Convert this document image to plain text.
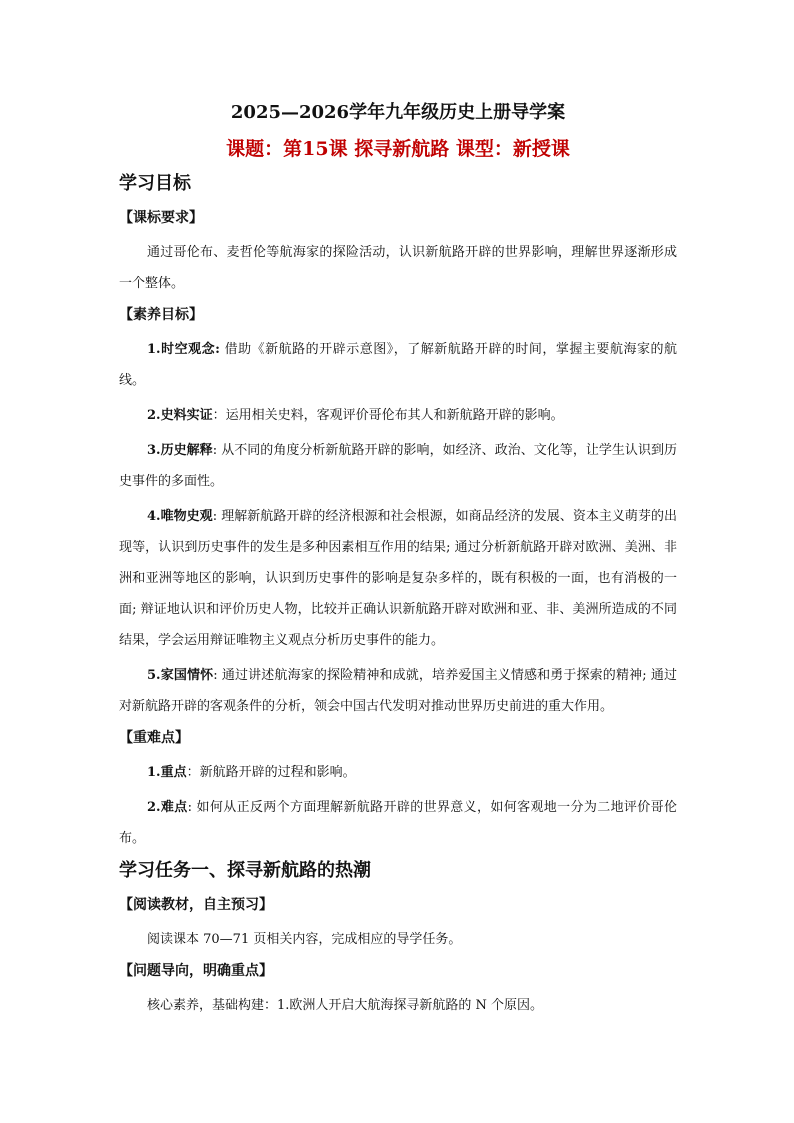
2025—2026学年九年级历史上册导学案
课题：第15课 探寻新航路 课型：新授课
学习目标
【课标要求】

通过哥伦布、麦哲伦等航海家的探险活动，认识新航路开辟的世界影响，理解世界逐渐形成一个整体。

【素养目标】

1.时空观念: 借助《新航路的开辟示意图》，了解新航路开辟的时间，掌握主要航海家的航线。

2.史料实证：运用相关史料，客观评价哥伦布其人和新航路开辟的影响。

3.历史解释: 从不同的角度分析新航路开辟的影响，如经济、政治、文化等，让学生认识到历史事件的多面性。

4.唯物史观: 理解新航路开辟的经济根源和社会根源，如商品经济的发展、资本主义萌芽的出现等，认识到历史事件的发生是多种因素相互作用的结果; 通过分析新航路开辟对欧洲、美洲、非洲和亚洲等地区的影响，认识到历史事件的影响是复杂多样的，既有积极的一面，也有消极的一面; 辩证地认识和评价历史人物，比较并正确认识新航路开辟对欧洲和亚、非、美洲所造成的不同结果，学会运用辩证唯物主义观点分析历史事件的能力。

5.家国情怀: 通过讲述航海家的探险精神和成就，培养爱国主义情感和勇于探索的精神; 通过对新航路开辟的客观条件的分析，领会中国古代发明对推动世界历史前进的重大作用。

【重难点】

1.重点：新航路开辟的过程和影响。

2.难点: 如何从正反两个方面理解新航路开辟的世界意义，如何客观地一分为二地评价哥伦布。

学习任务一、探寻新航路的热潮
【阅读教材，自主预习】

阅读课本 70—71 页相关内容，完成相应的导学任务。

【问题导向，明确重点】

核心素养，基础构建：1.欧洲人开启大航海探寻新航路的 N 个原因。
